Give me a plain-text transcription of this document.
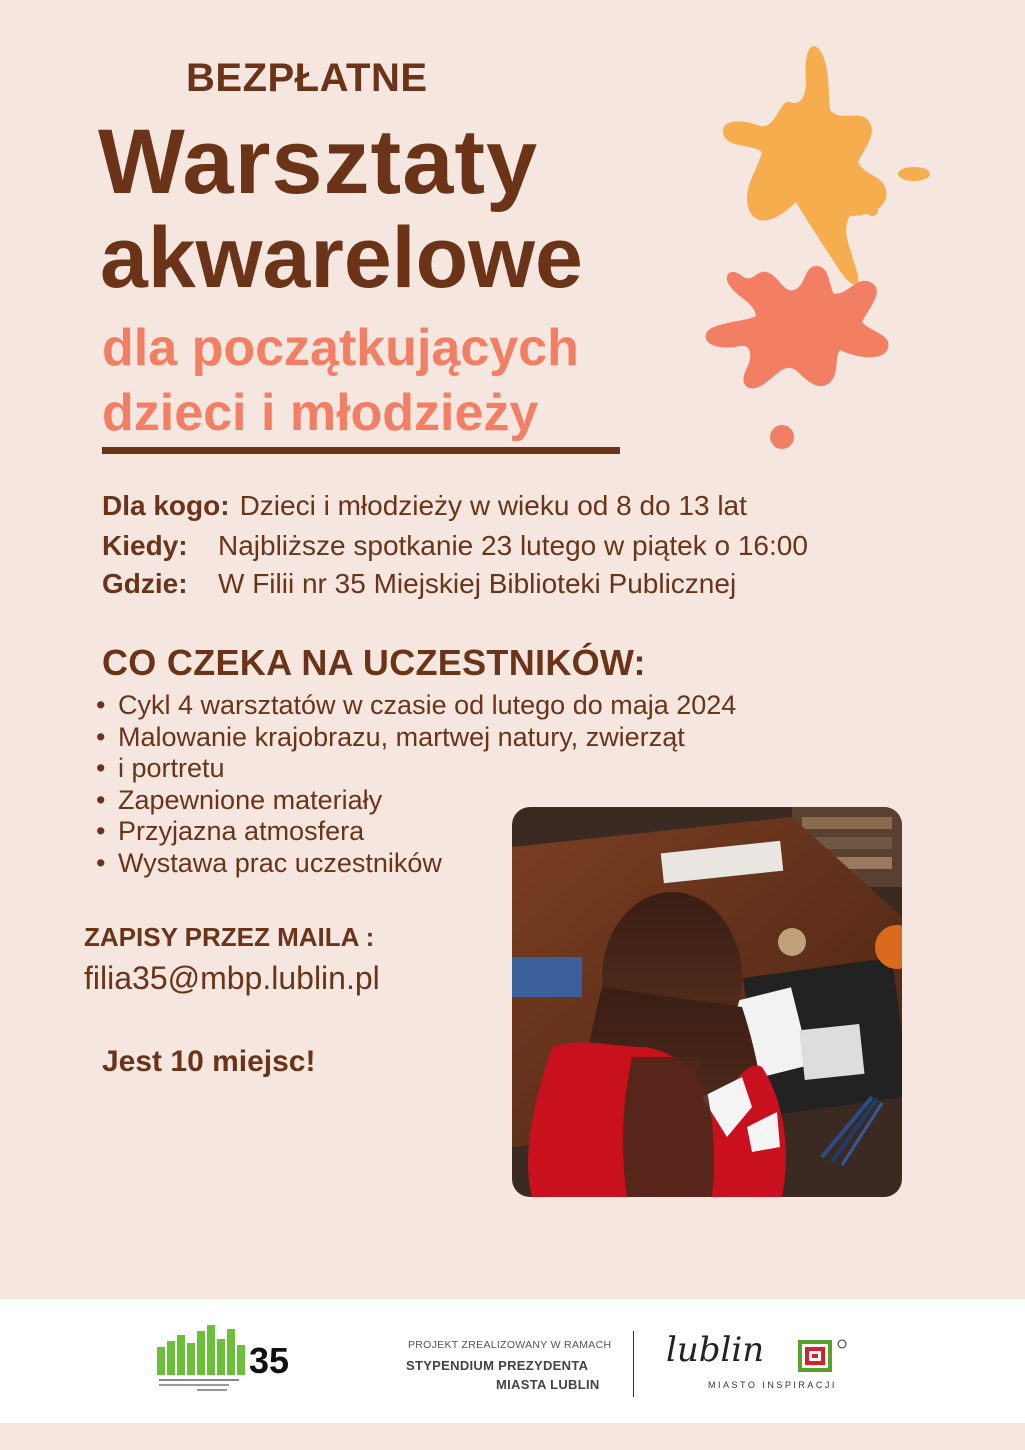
BEZPŁATNE
Warsztaty
akwarelowe
dla początkujących
dzieci i młodzieży
Dla kogo: Dzieci i młodzieży w wieku od 8 do 13 lat
Kiedy: Najbliższe spotkanie 23 lutego w piątek o 16:00
Gdzie: W Filii nr 35 Miejskiej Biblioteki Publicznej
CO CZEKA NA UCZESTNIKÓW:
• Cykl 4 warsztatów w czasie od lutego do maja 2024
• Malowanie krajobrazu, martwej natury, zwierząt
• i portretu
• Zapewnione materiały
• Przyjazna atmosfera
• Wystawa prac uczestników
ZAPISY PRZEZ MAILA :
filia35@mbp.lublin.pl
Jest 10 miejsc!
35	PROJEKT ZREALIZOWANY W RAMACH
STYPENDIUM PREZYDENTA
MIASTA LUBLIN
lublin
MIASTO INSPIRACJI
